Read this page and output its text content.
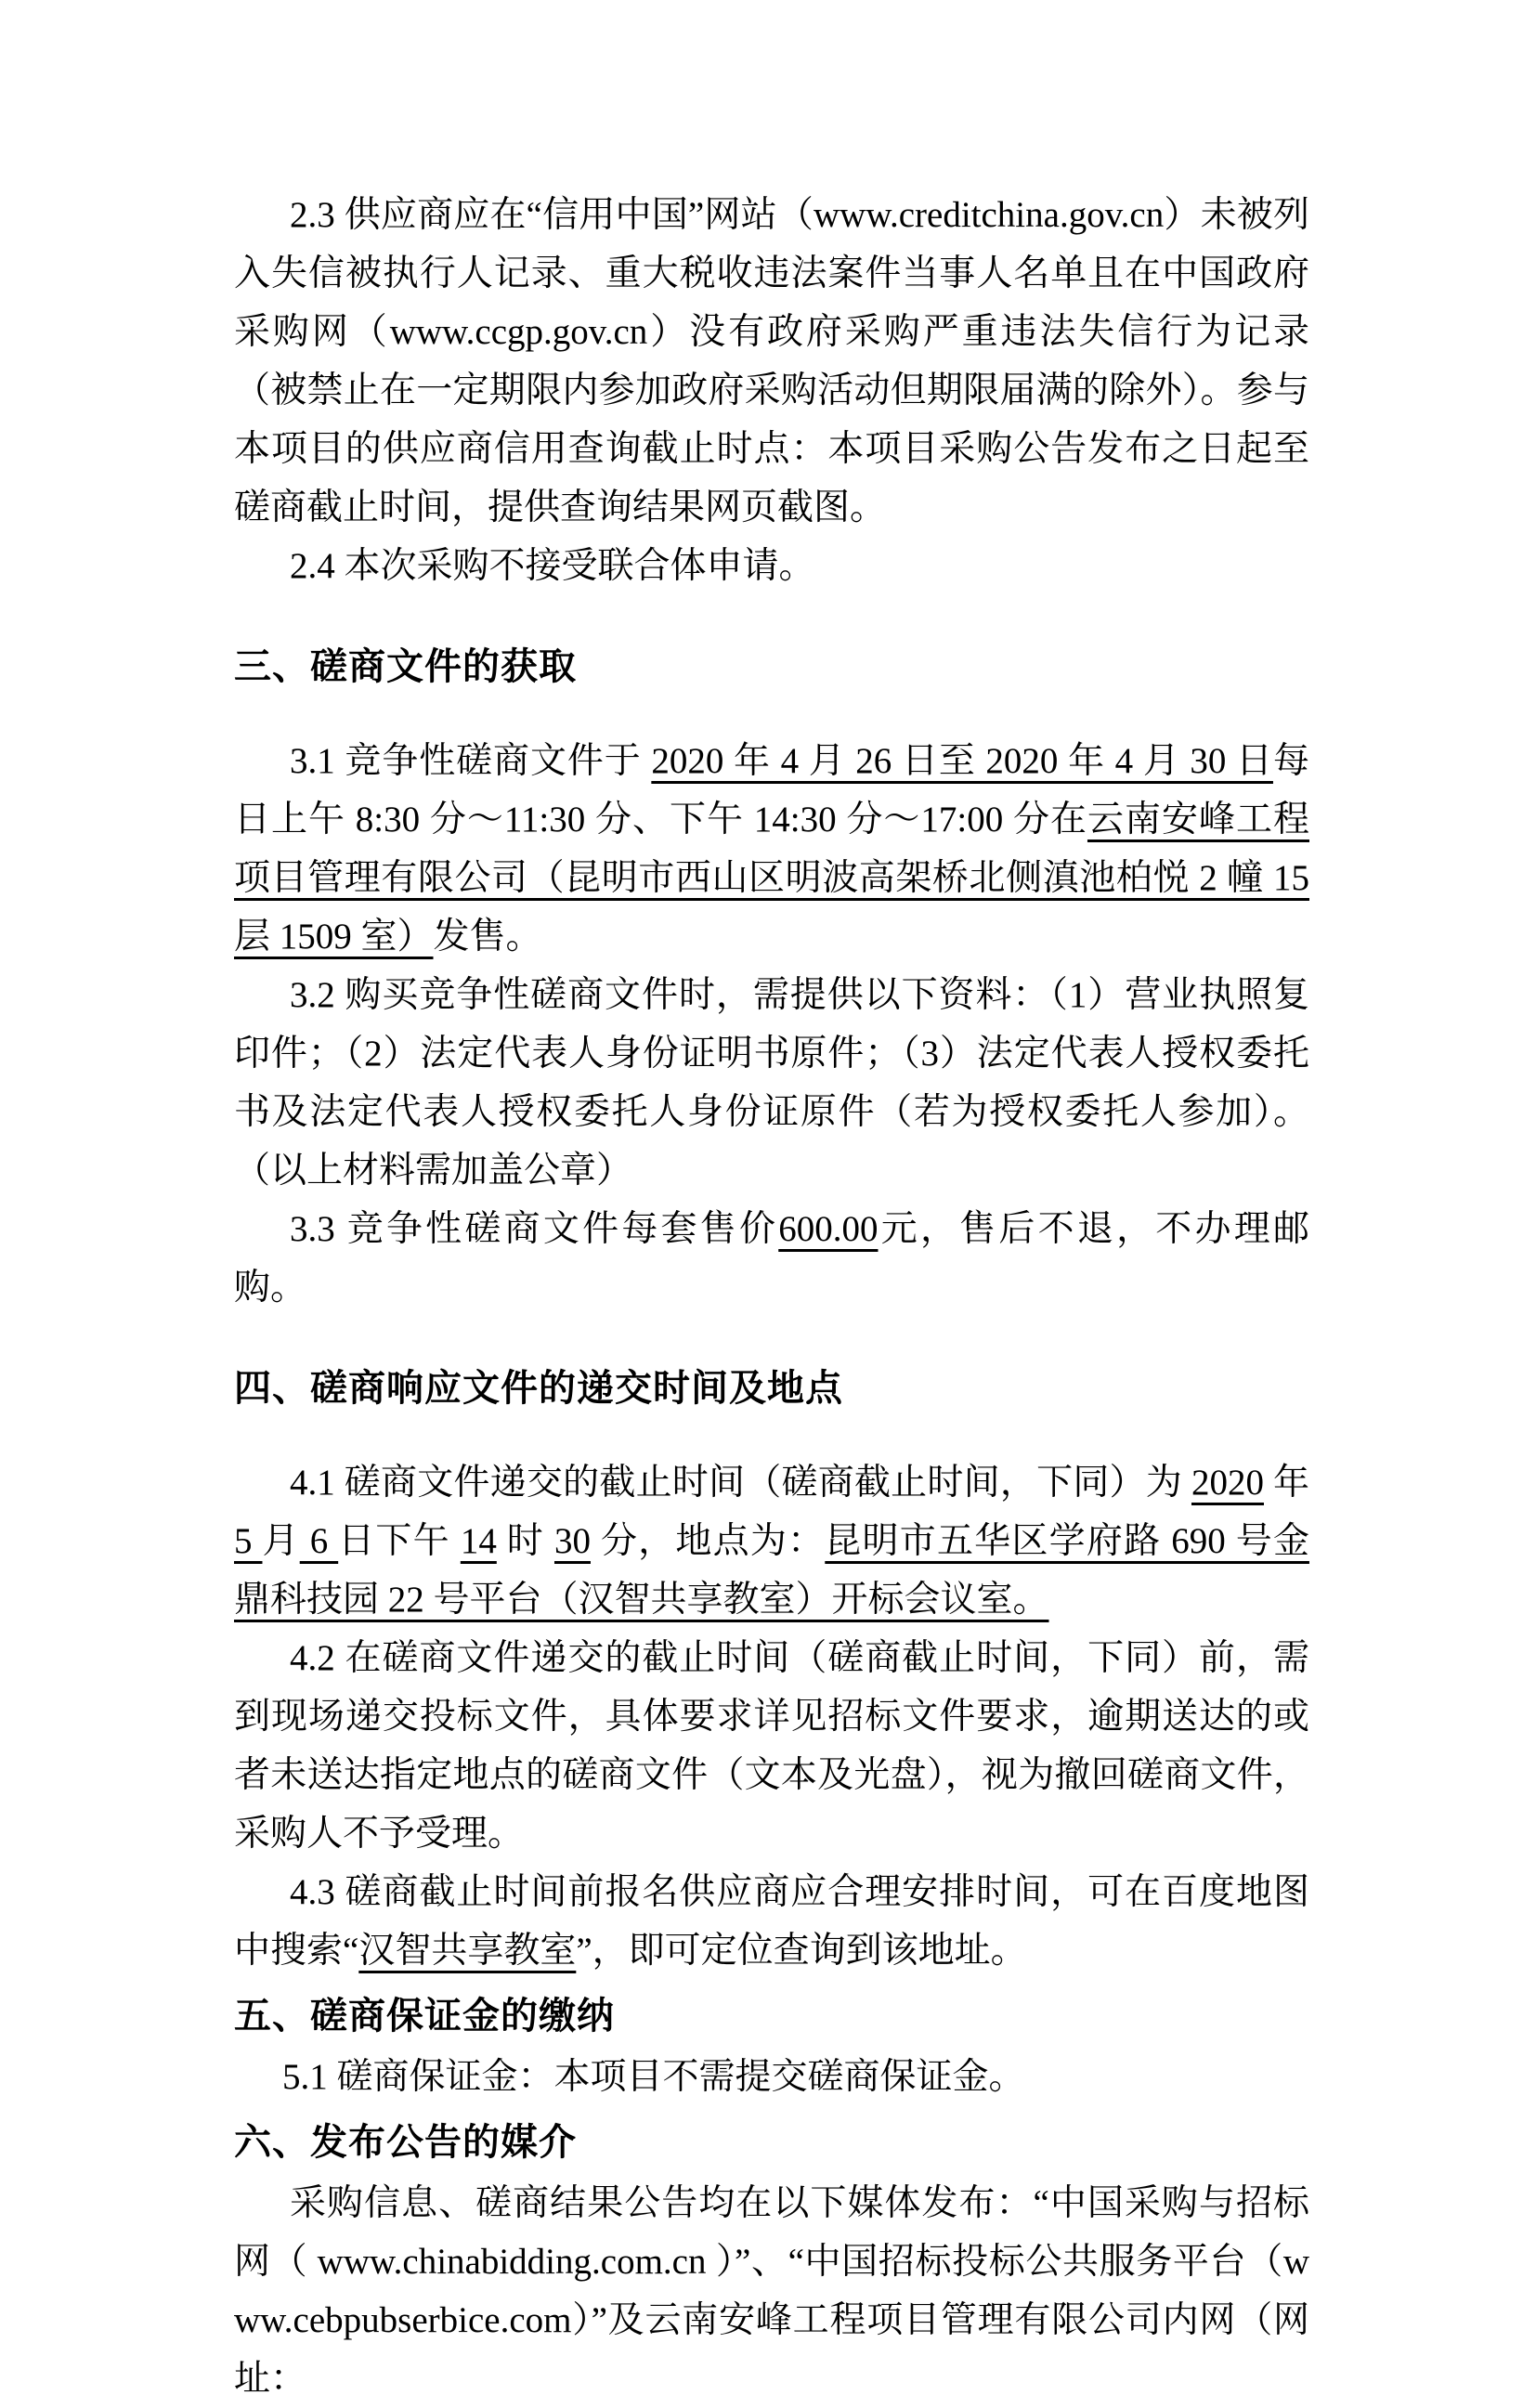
2.3 供应商应在“信用中国”网站（www.creditchina.gov.cn）未被列入失信被执行人记录、重大税收违法案件当事人名单且在中国政府采购网（www.ccgp.gov.cn）没有政府采购严重违法失信行为记录（被禁止在一定期限内参加政府采购活动但期限届满的除外）。参与本项目的供应商信用查询截止时点：本项目采购公告发布之日起至磋商截止时间，提供查询结果网页截图。

2.4 本次采购不接受联合体申请。

三、磋商文件的获取

3.1 竞争性磋商文件于 2020 年 4 月 26 日至 2020 年 4 月 30 日每日上午 8:30 分～11:30 分、下午 14:30 分～17:00 分在云南安峰工程项目管理有限公司（昆明市西山区明波高架桥北侧滇池柏悦 2 幢 15 层 1509 室）发售。

3.2 购买竞争性磋商文件时，需提供以下资料：（1）营业执照复印件；（2）法定代表人身份证明书原件；（3）法定代表人授权委托书及法定代表人授权委托人身份证原件（若为授权委托人参加）。（以上材料需加盖公章）

3.3 竞争性磋商文件每套售价600.00元，售后不退，不办理邮购。

四、磋商响应文件的递交时间及地点

4.1 磋商文件递交的截止时间（磋商截止时间，下同）为 2020 年 5 月 6 日下午 14 时 30 分，地点为：昆明市五华区学府路 690 号金鼎科技园 22 号平台（汉智共享教室）开标会议室。

4.2 在磋商文件递交的截止时间（磋商截止时间，下同）前，需到现场递交投标文件，具体要求详见招标文件要求，逾期送达的或者未送达指定地点的磋商文件（文本及光盘），视为撤回磋商文件，采购人不予受理。

4.3 磋商截止时间前报名供应商应合理安排时间，可在百度地图中搜索“汉智共享教室”，即可定位查询到该地址。

五、磋商保证金的缴纳

5.1 磋商保证金：本项目不需提交磋商保证金。

六、发布公告的媒介

采购信息、磋商结果公告均在以下媒体发布：“中国采购与招标网（ www.chinabidding.com.cn ）”、“中国招标投标公共服务平台（www.cebpubserbice.com）”及云南安峰工程项目管理有限公司内网（网址：
